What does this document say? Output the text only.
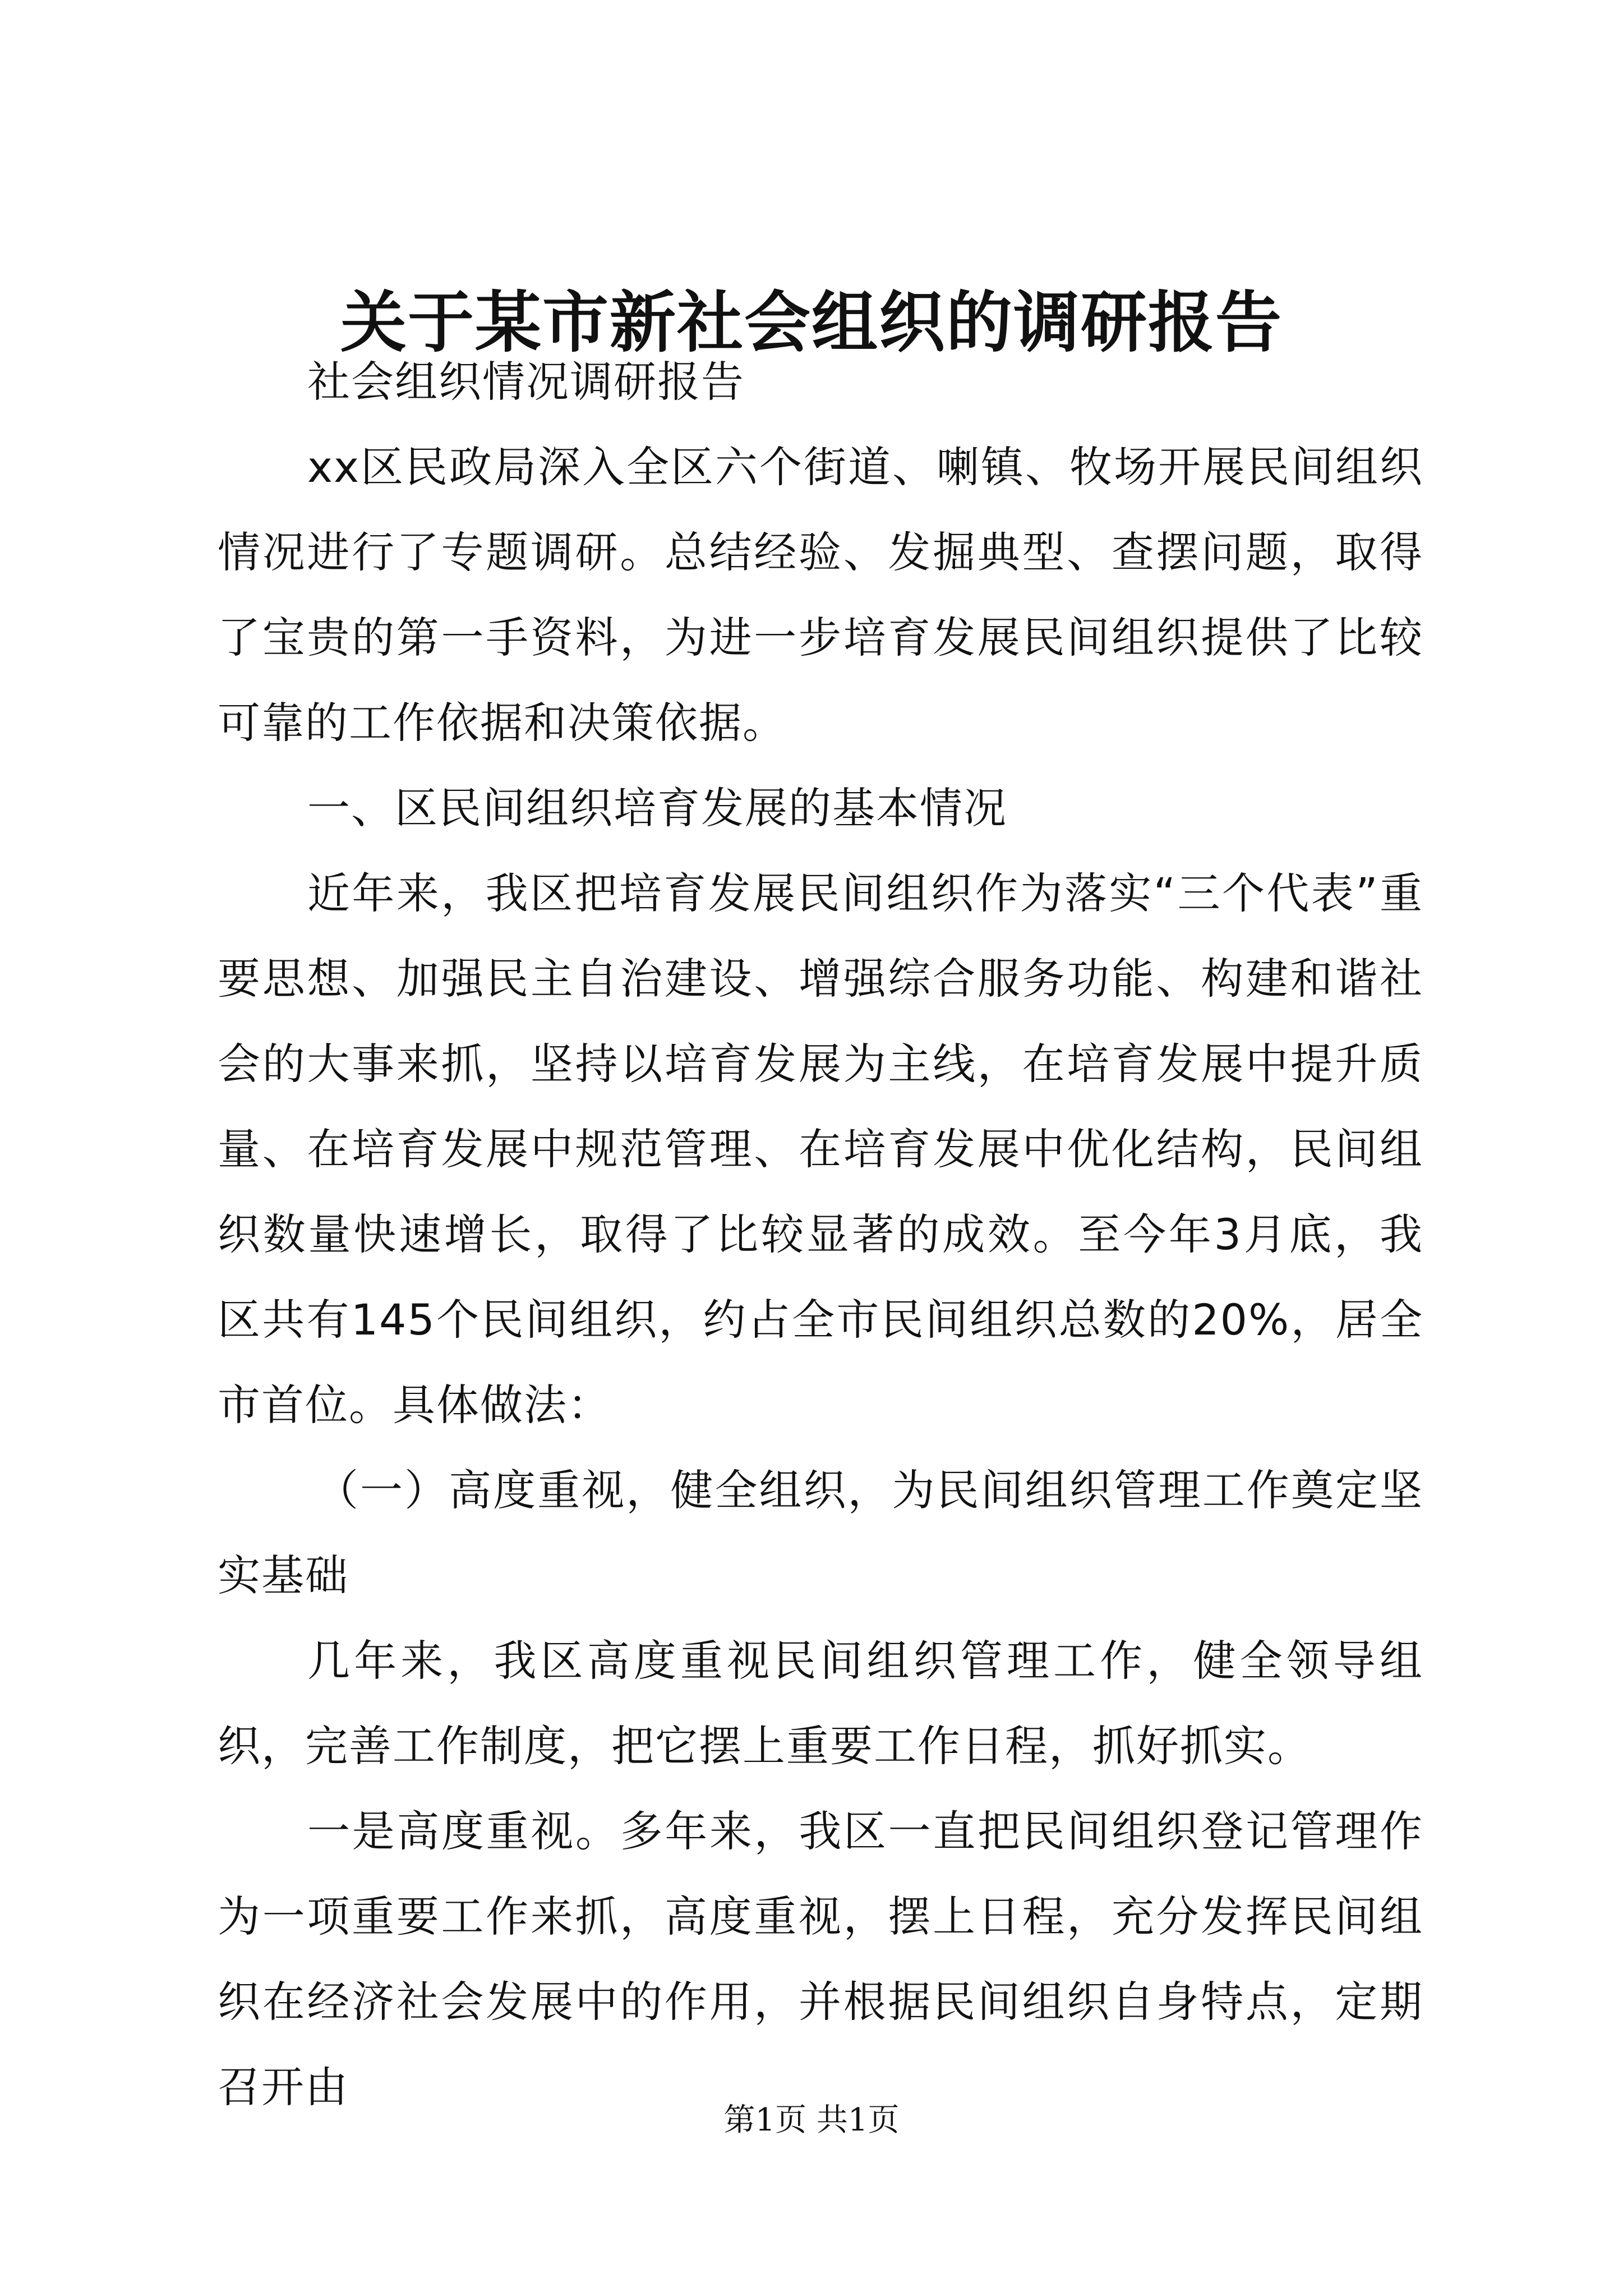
关于某市新社会组织的调研报告

社会组织情况调研报告

xx区民政局深入全区六个街道、喇镇、牧场开展民间组织情况进行了专题调研。总结经验、发掘典型、查摆问题，取得了宝贵的第一手资料，为进一步培育发展民间组织提供了比较可靠的工作依据和决策依据。

一、区民间组织培育发展的基本情况

近年来，我区把培育发展民间组织作为落实“三个代表”重要思想、加强民主自治建设、增强综合服务功能、构建和谐社会的大事来抓，坚持以培育发展为主线，在培育发展中提升质量、在培育发展中规范管理、在培育发展中优化结构，民间组织数量快速增长，取得了比较显著的成效。至今年3月底，我区共有145个民间组织，约占全市民间组织总数的20%，居全市首位。具体做法：

（一）高度重视，健全组织，为民间组织管理工作奠定坚实基础

几年来，我区高度重视民间组织管理工作，健全领导组织，完善工作制度，把它摆上重要工作日程，抓好抓实。

一是高度重视。多年来，我区一直把民间组织登记管理作为一项重要工作来抓，高度重视，摆上日程，充分发挥民间组织在经济社会发展中的作用，并根据民间组织自身特点，定期召开由

第1页 共1页
